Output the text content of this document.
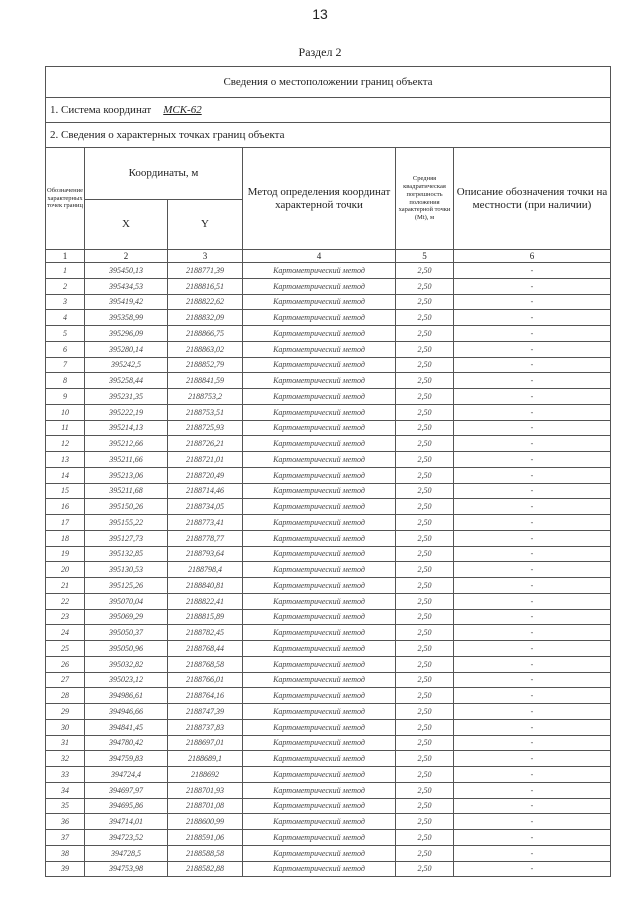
13
Раздел 2
Сведения о местоположении границ объекта					
1. Система координат МСК-62					
2. Сведения о характерных точках границ объекта					
Обозначение характерных точек границ	Координаты, м		Метод определения координат характерной точки	Средняя квадратическая погрешность положения характерной точки (Mt), м	Описание обозначения точки на местности (при наличии)
	X	Y			
1	2	3	4	5	6
1	395450,13	2188771,39	Картометрический метод	2,50	-
2	395434,53	2188816,51	Картометрический метод	2,50	-
3	395419,42	2188822,62	Картометрический метод	2,50	-
4	395358,99	2188832,09	Картометрический метод	2,50	-
5	395296,09	2188866,75	Картометрический метод	2,50	-
6	395280,14	2188863,02	Картометрический метод	2,50	-
7	395242,5	2188852,79	Картометрический метод	2,50	-
8	395258,44	2188841,59	Картометрический метод	2,50	-
9	395231,35	2188753,2	Картометрический метод	2,50	-
10	395222,19	2188753,51	Картометрический метод	2,50	-
11	395214,13	2188725,93	Картометрический метод	2,50	-
12	395212,66	2188726,21	Картометрический метод	2,50	-
13	395211,66	2188721,01	Картометрический метод	2,50	-
14	395213,06	2188720,49	Картометрический метод	2,50	-
15	395211,68	2188714,46	Картометрический метод	2,50	-
16	395150,26	2188734,05	Картометрический метод	2,50	-
17	395155,22	2188773,41	Картометрический метод	2,50	-
18	395127,73	2188778,77	Картометрический метод	2,50	-
19	395132,85	2188793,64	Картометрический метод	2,50	-
20	395130,53	2188798,4	Картометрический метод	2,50	-
21	395125,26	2188840,81	Картометрический метод	2,50	-
22	395070,04	2188822,41	Картометрический метод	2,50	-
23	395069,29	2188815,89	Картометрический метод	2,50	-
24	395050,37	2188782,45	Картометрический метод	2,50	-
25	395050,96	2188768,44	Картометрический метод	2,50	-
26	395032,82	2188768,58	Картометрический метод	2,50	-
27	395023,12	2188766,01	Картометрический метод	2,50	-
28	394986,61	2188764,16	Картометрический метод	2,50	-
29	394946,66	2188747,39	Картометрический метод	2,50	-
30	394841,45	2188737,83	Картометрический метод	2,50	-
31	394780,42	2188697,01	Картометрический метод	2,50	-
32	394759,83	2188689,1	Картометрический метод	2,50	-
33	394724,4	2188692	Картометрический метод	2,50	-
34	394697,97	2188701,93	Картометрический метод	2,50	-
35	394695,86	2188701,08	Картометрический метод	2,50	-
36	394714,01	2188600,99	Картометрический метод	2,50	-
37	394723,52	2188591,06	Картометрический метод	2,50	-
38	394728,5	2188588,58	Картометрический метод	2,50	-
39	394753,98	2188582,88	Картометрический метод	2,50	-
